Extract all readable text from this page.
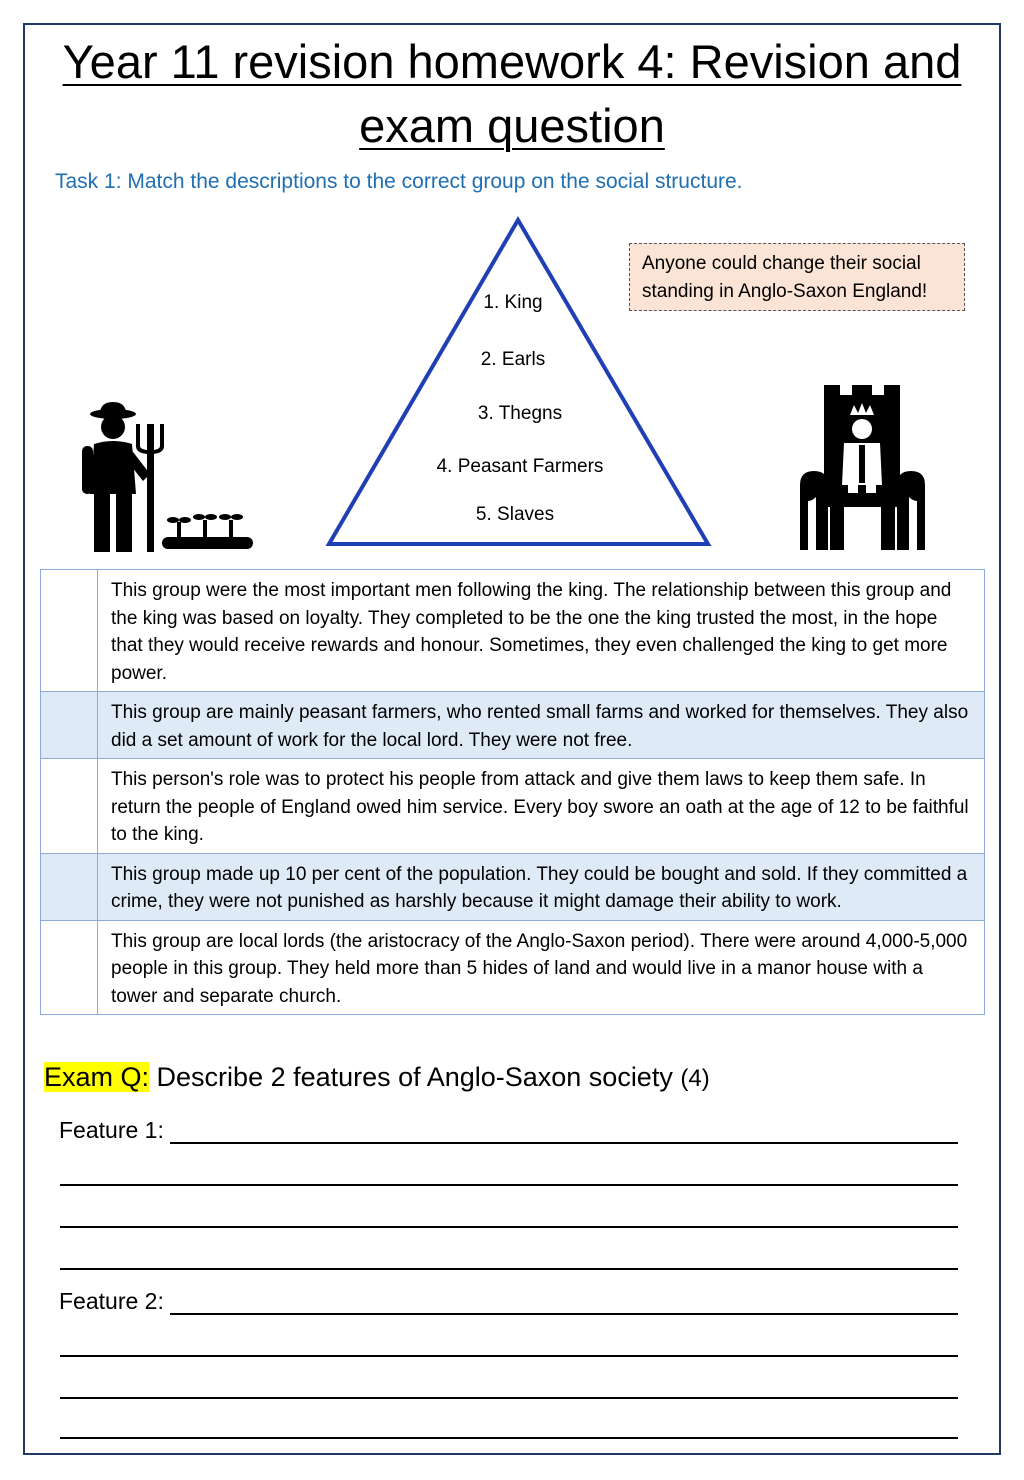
Year 11 revision homework 4: Revision and exam question
Task 1: Match the descriptions to the correct group on the social structure.
1. King
2. Earls
3. Thegns
4. Peasant Farmers
5. Slaves
Anyone could change their social standing in Anglo-Saxon England!
	This group were the most important men following the king. The relationship between this group and the king was based on loyalty. They completed to be the one the king trusted the most, in the hope that they would receive rewards and honour. Sometimes, they even challenged the king to get more power.
	This group are mainly peasant farmers, who rented small farms and worked for themselves. They also did a set amount of work for the local lord. They were not free.
	This person's role was to protect his people from attack and give them laws to keep them safe. In return the people of England owed him service. Every boy swore an oath at the age of 12 to be faithful to the king.
	This group made up 10 per cent of the population. They could be bought and sold. If they committed a crime, they were not punished as harshly because it might damage their ability to work.
	This group are local lords (the aristocracy of the Anglo-Saxon period). There were around 4,000-5,000 people in this group. They held more than 5 hides of land and would live in a manor house with a tower and separate church.
Exam Q: Describe 2 features of Anglo-Saxon society (4)
Feature 1:
Feature 2:
